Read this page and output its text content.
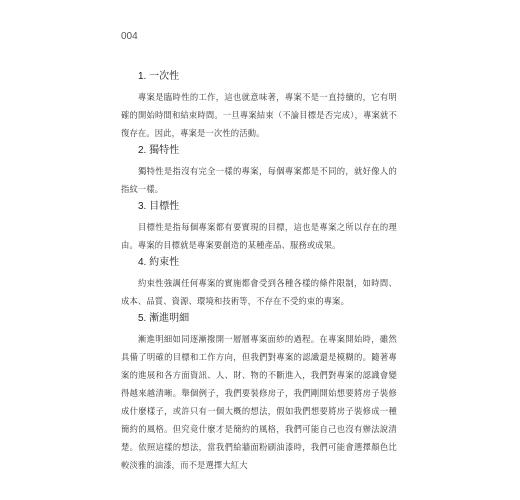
004
1. 一次性

專案是臨時性的工作，這也就意味著，專案不是一直持續的，它有明確的開始時間和結束時間。一旦專案結束（不論目標是否完成），專案就不復存在。因此，專案是一次性的活動。

2. 獨特性

獨特性是指沒有完全一樣的專案，每個專案都是不同的，就好像人的指紋一樣。

3. 目標性

目標性是指每個專案都有要實現的目標，這也是專案之所以存在的理由。專案的目標就是專案要創造的某種產品、服務或成果。

4. 約束性

約束性強調任何專案的實施都會受到各種各樣的條件限制，如時間、成本、品質、資源、環境和技術等，不存在不受約束的專案。

5. 漸進明細

漸進明細如同逐漸撥開一層層專案面紗的過程。在專案開始時，雖然具備了明確的目標和工作方向，但我們對專案的認識還是模糊的。隨著專案的進展和各方面資訊、人、財、物的不斷進入，我們對專案的認識會變得越來越清晰。舉個例子，我們要裝修房子，我們剛開始想要將房子裝修成什麼樣子，或許只有一個大概的想法，假如我們想要將房子裝修成一種簡約的風格。但究竟什麼才是簡約的風格，我們可能自己也沒有辦法說清楚。依照這樣的想法，當我們給牆面粉刷油漆時，我們可能會選擇顏色比較淡雅的油漆，而不是選擇大紅大
